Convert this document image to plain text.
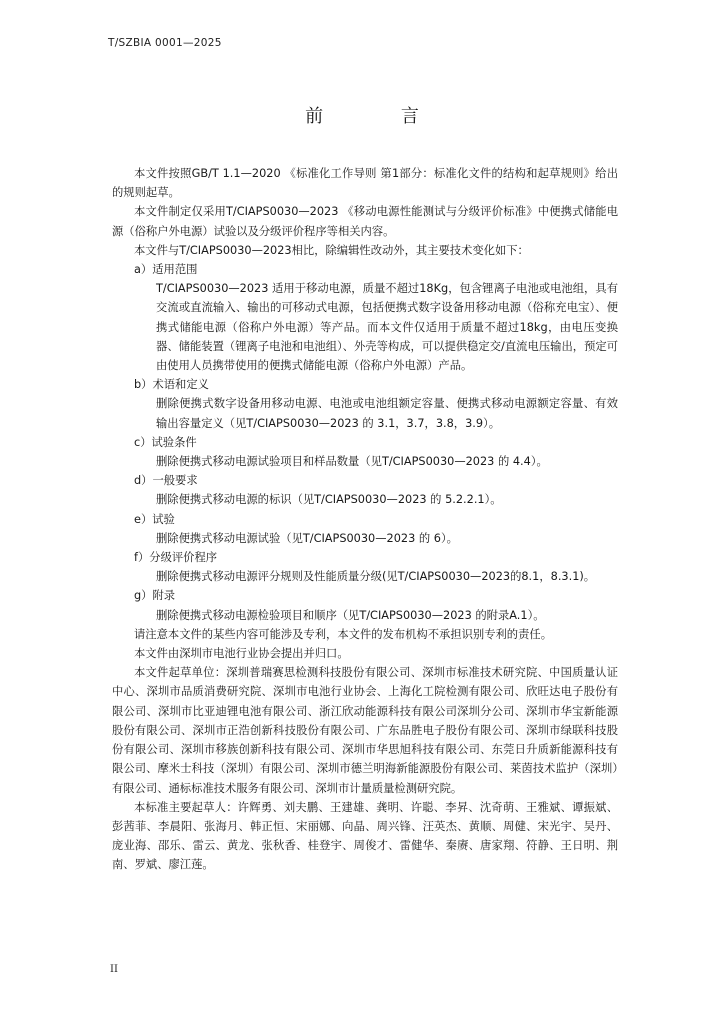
T/SZBIA 0001—2025
前 言

本文件按照GB/T 1.1—2020 《标准化工作导则 第1部分：标准化文件的结构和起草规则》给出的规则起草。

本文件制定仅采用T/CIAPS0030—2023 《移动电源性能测试与分级评价标准》中便携式储能电源（俗称户外电源）试验以及分级评价程序等相关内容。

本文件与T/CIAPS0030—2023相比，除编辑性改动外，其主要技术变化如下：

a）适用范围

T/CIAPS0030—2023 适用于移动电源，质量不超过18Kg，包含锂离子电池或电池组，具有交流或直流输入、输出的可移动式电源，包括便携式数字设备用移动电源（俗称充电宝）、便携式储能电源（俗称户外电源）等产品。而本文件仅适用于质量不超过18kg，由电压变换器、储能装置（锂离子电池和电池组）、外壳等构成，可以提供稳定交/直流电压输出，预定可由使用人员携带使用的便携式储能电源（俗称户外电源）产品。

b）术语和定义

删除便携式数字设备用移动电源、电池或电池组额定容量、便携式移动电源额定容量、有效输出容量定义（见T/CIAPS0030—2023 的 3.1，3.7，3.8，3.9）。

c）试验条件

删除便携式移动电源试验项目和样品数量（见T/CIAPS0030—2023 的 4.4）。

d）一般要求

删除便携式移动电源的标识（见T/CIAPS0030—2023 的 5.2.2.1）。

e）试验

删除便携式移动电源试验（见T/CIAPS0030—2023 的 6）。

f）分级评价程序

删除便携式移动电源评分规则及性能质量分级(见T/CIAPS0030—2023的8.1，8.3.1)。

g）附录

删除便携式移动电源检验项目和顺序（见T/CIAPS0030—2023 的附录A.1）。

请注意本文件的某些内容可能涉及专利，本文件的发布机构不承担识别专利的责任。

本文件由深圳市电池行业协会提出并归口。

本文件起草单位：深圳普瑞赛思检测科技股份有限公司、深圳市标准技术研究院、中国质量认证中心、深圳市品质消费研究院、深圳市电池行业协会、上海化工院检测有限公司、欣旺达电子股份有限公司、深圳市比亚迪锂电池有限公司、浙江欣动能源科技有限公司深圳分公司、深圳市华宝新能源股份有限公司、深圳市正浩创新科技股份有限公司、广东品胜电子股份有限公司、深圳市绿联科技股份有限公司、深圳市移族创新科技有限公司、深圳市华思旭科技有限公司、东莞日升质新能源科技有限公司、摩米士科技（深圳）有限公司、深圳市德兰明海新能源股份有限公司、莱茵技术监护（深圳）有限公司、通标标准技术服务有限公司、深圳市计量质量检测研究院。

本标准主要起草人：许辉勇、刘夫鹏、王建雄、龚明、许聪、李昇、沈奇萌、王雅斌、谭振斌、彭茜菲、李晨阳、张海月、韩正恒、宋丽娜、向晶、周兴锋、汪英杰、黄顺、周健、宋光宇、吴丹、庞业海、邵乐、雷云、黄龙、张秋香、桂登宇、周俊才、雷健华、秦赓、唐家翔、符静、王日明、荆南、罗斌、廖江莲。

II
